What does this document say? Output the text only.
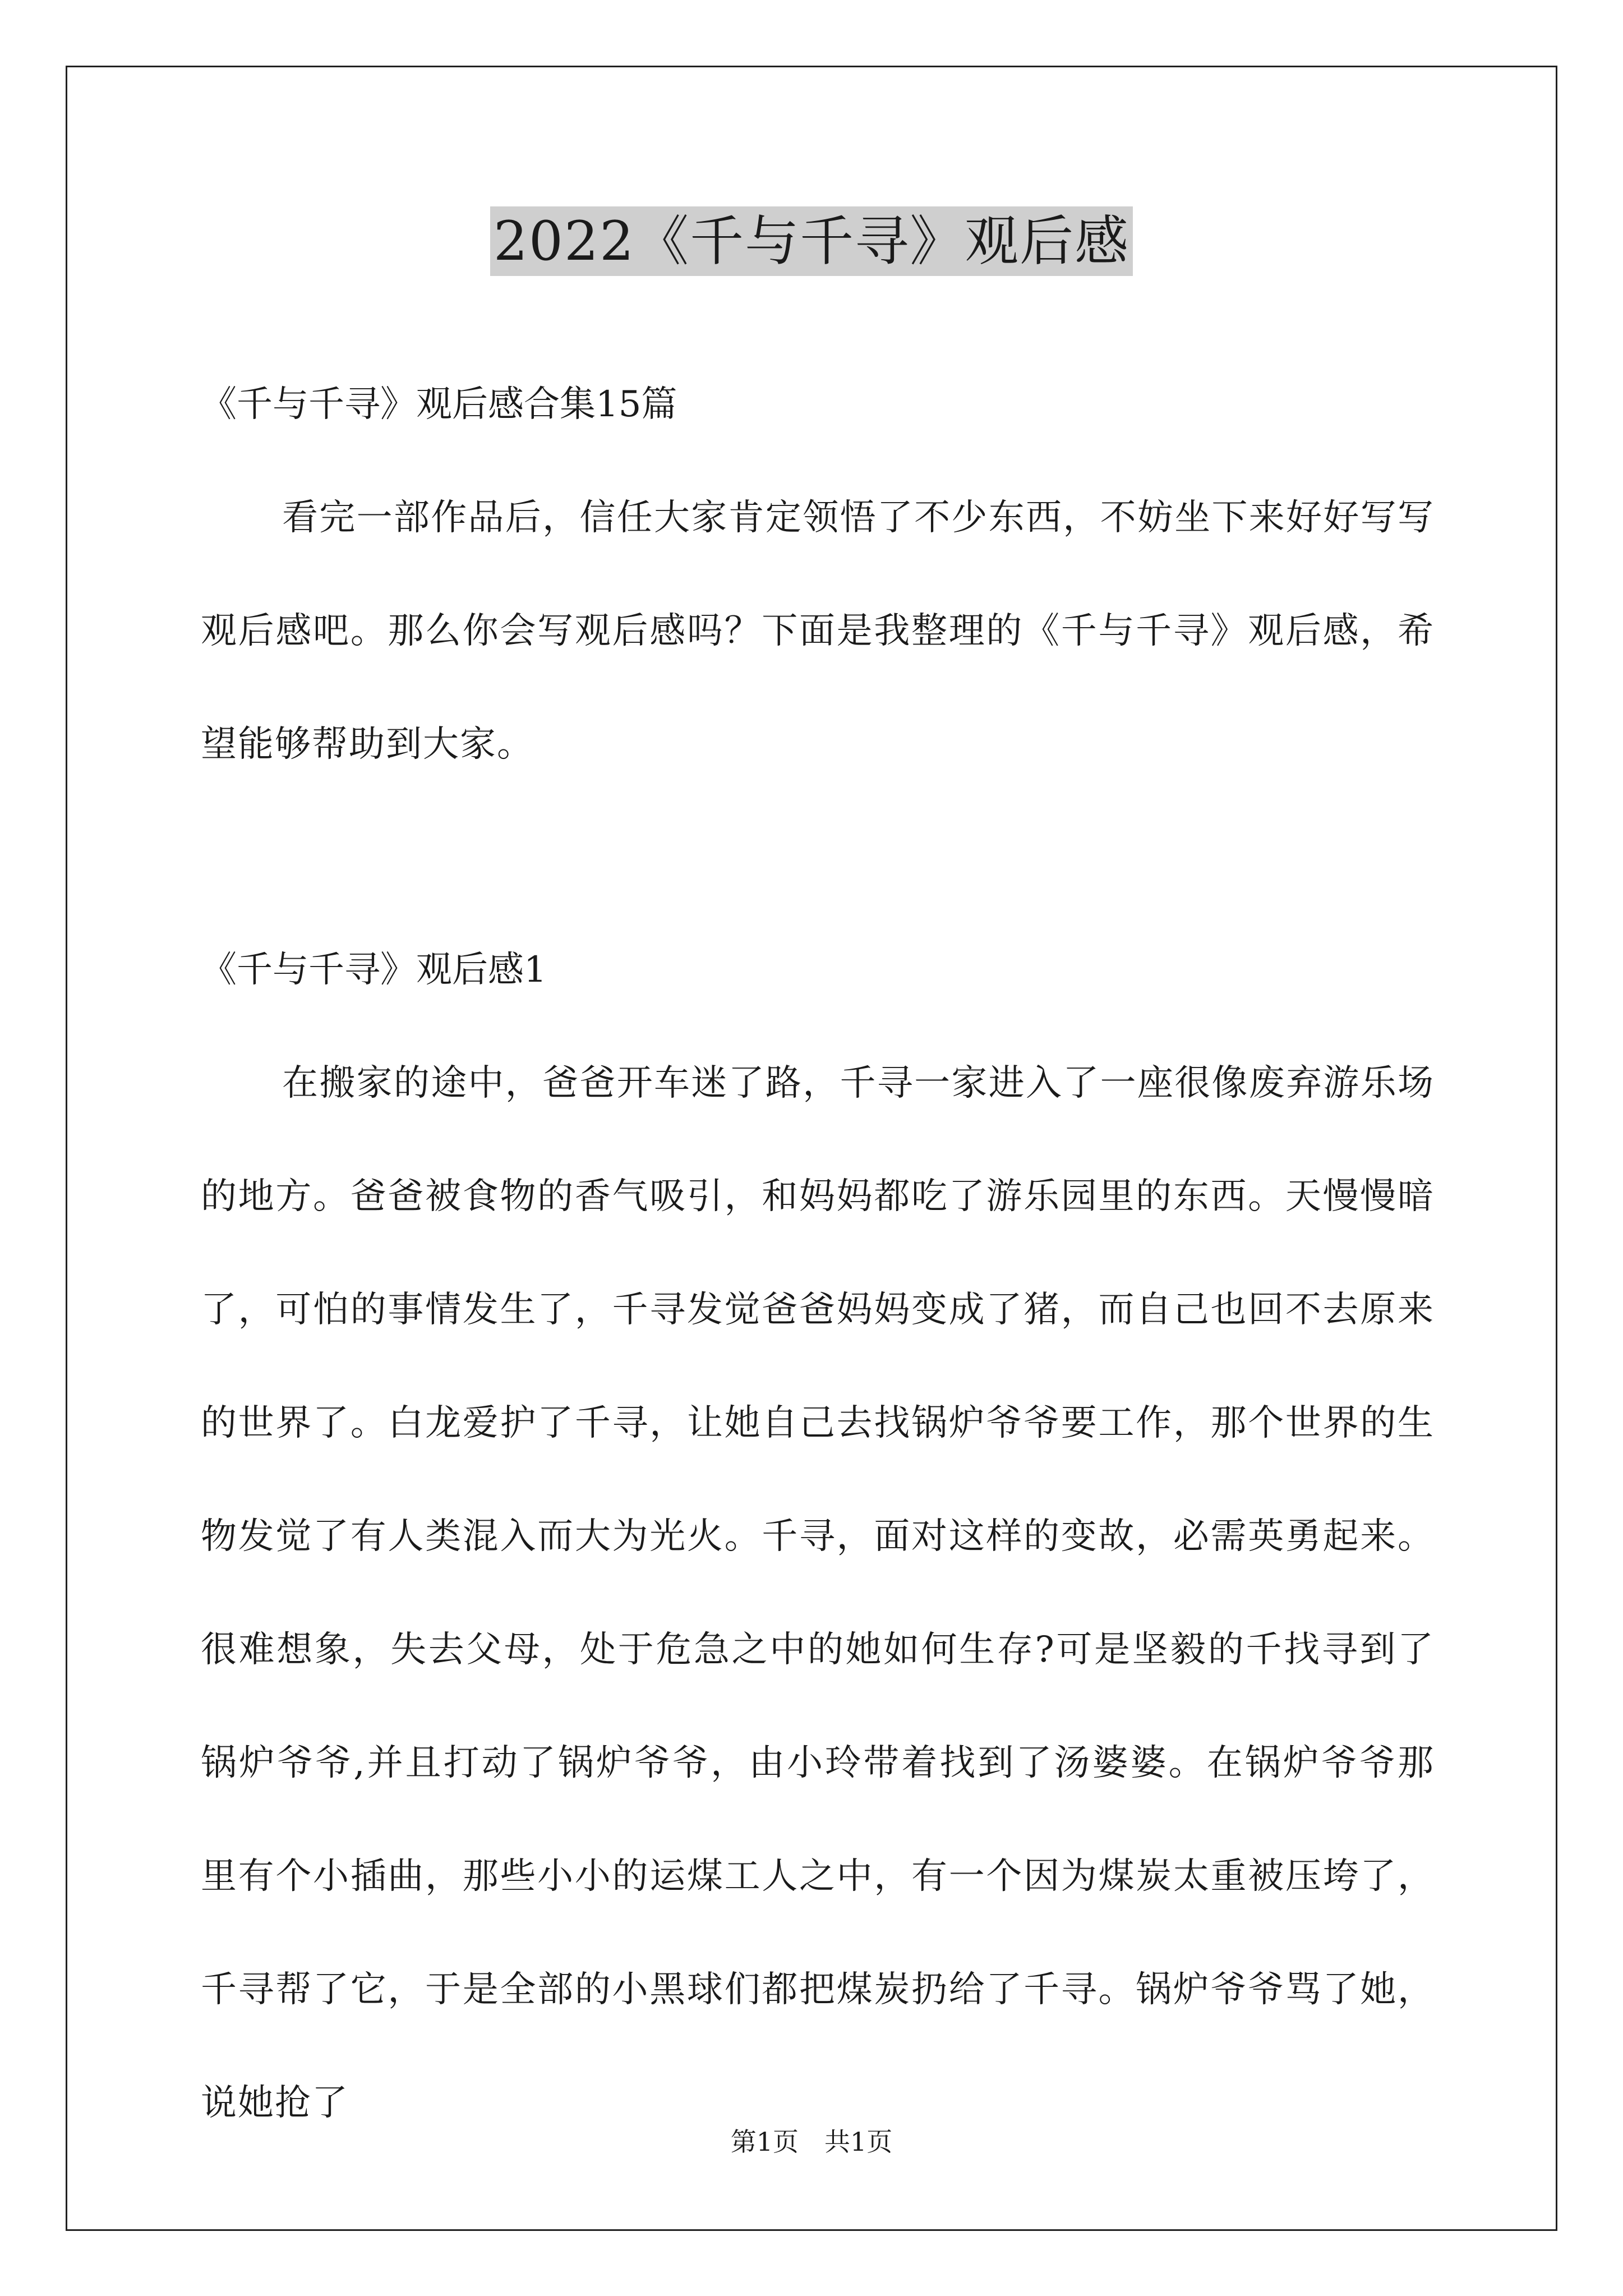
2022《千与千寻》观后感

《千与千寻》观后感合集15篇

看完一部作品后，信任大家肯定领悟了不少东西，不妨坐下来好好写写观后感吧。那么你会写观后感吗？下面是我整理的《千与千寻》观后感，希望能够帮助到大家。

《千与千寻》观后感1

在搬家的途中，爸爸开车迷了路，千寻一家进入了一座很像废弃游乐场的地方。爸爸被食物的香气吸引，和妈妈都吃了游乐园里的东西。天慢慢暗了，可怕的事情发生了，千寻发觉爸爸妈妈变成了猪，而自己也回不去原来的世界了。白龙爱护了千寻，让她自己去找锅炉爷爷要工作，那个世界的生物发觉了有人类混入而大为光火。千寻，面对这样的变故，必需英勇起来。很难想象，失去父母，处于危急之中的她如何生存?可是坚毅的千找寻到了锅炉爷爷,并且打动了锅炉爷爷，由小玲带着找到了汤婆婆。在锅炉爷爷那里有个小插曲，那些小小的运煤工人之中，有一个因为煤炭太重被压垮了，千寻帮了它，于是全部的小黑球们都把煤炭扔给了千寻。锅炉爷爷骂了她，说她抢了

第1页　共1页
